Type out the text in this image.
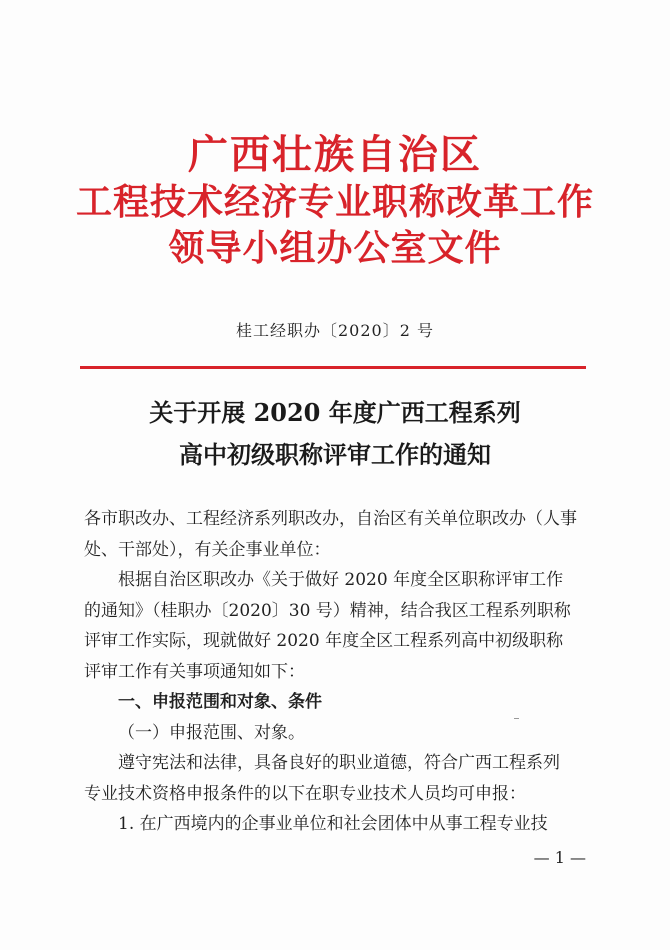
广西壮族自治区
工程技术经济专业职称改革工作
领导小组办公室文件
桂工经职办〔2020〕2 号
关于开展 2020 年度广西工程系列
高中初级职称评审工作的通知
各市职改办、工程经济系列职改办，自治区有关单位职改办（人事
处、干部处），有关企事业单位：
根据自治区职改办《关于做好 2020 年度全区职称评审工作
的通知》（桂职办〔2020〕30 号）精神，结合我区工程系列职称
评审工作实际，现就做好 2020 年度全区工程系列高中初级职称
评审工作有关事项通知如下：
一、申报范围和对象、条件
（一）申报范围、对象。
遵守宪法和法律，具备良好的职业道德，符合广西工程系列
专业技术资格申报条件的以下在职专业技术人员均可申报：
1. 在广西境内的企事业单位和社会团体中从事工程专业技
— 1 —
